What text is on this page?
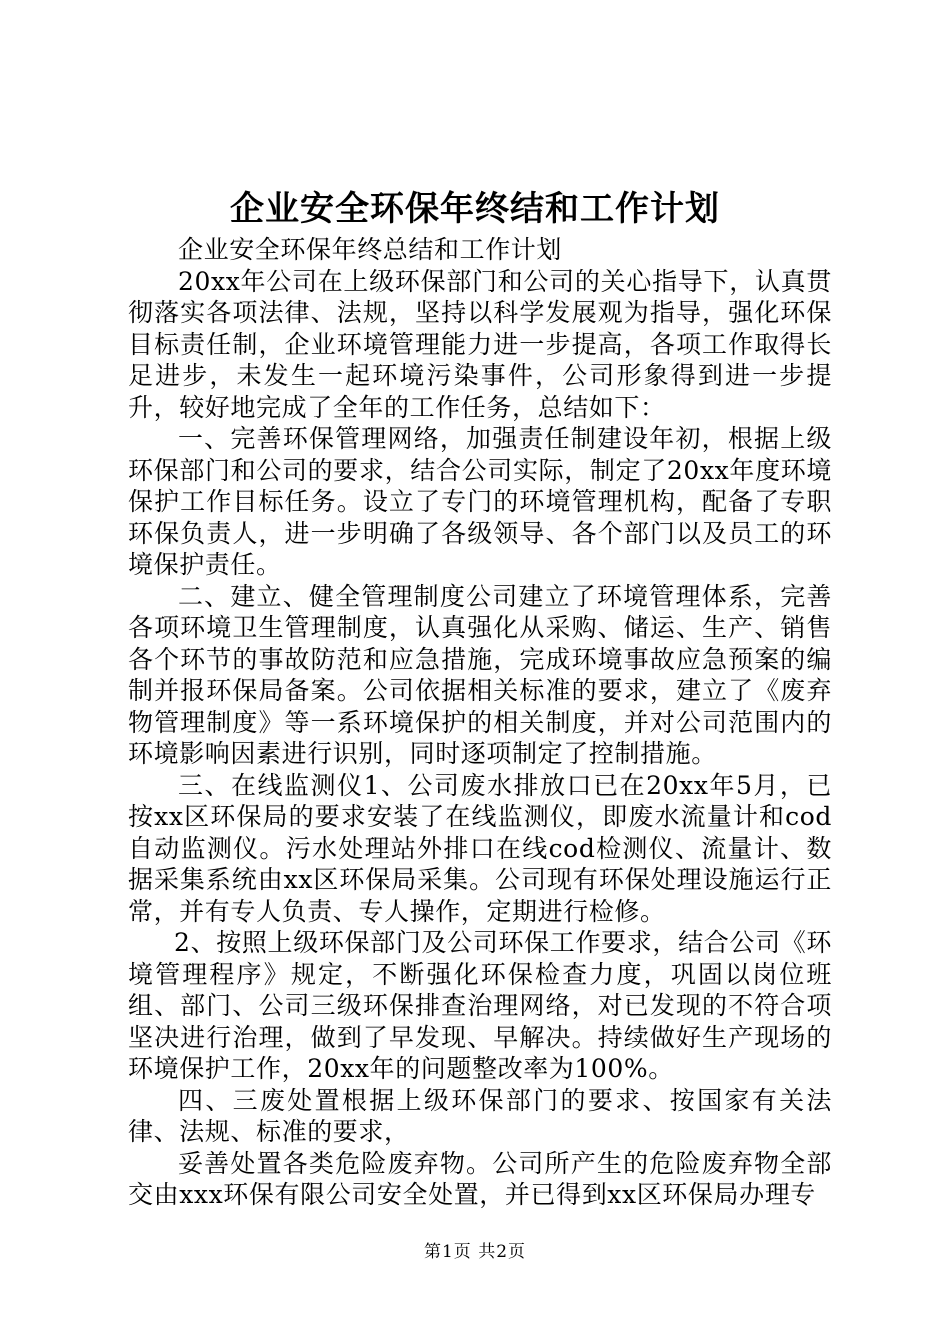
企业安全环保年终结和工作计划

企业安全环保年终总结和工作计划

20xx年公司在上级环保部门和公司的关心指导下，认真贯彻落实各项法律、法规，坚持以科学发展观为指导，强化环保目标责任制，企业环境管理能力进一步提高，各项工作取得长足进步，未发生一起环境污染事件，公司形象得到进一步提升，较好地完成了全年的工作任务，总结如下：

一、完善环保管理网络，加强责任制建设年初，根据上级环保部门和公司的要求，结合公司实际，制定了20xx年度环境保护工作目标任务。设立了专门的环境管理机构，配备了专职环保负责人，进一步明确了各级领导、各个部门以及员工的环境保护责任。

二、建立、健全管理制度公司建立了环境管理体系，完善各项环境卫生管理制度，认真强化从采购、储运、生产、销售各个环节的事故防范和应急措施，完成环境事故应急预案的编制并报环保局备案。公司依据相关标准的要求，建立了《废弃物管理制度》等一系环境保护的相关制度，并对公司范围内的环境影响因素进行识别，同时逐项制定了控制措施。

三、在线监测仪1、公司废水排放口已在20xx年5月，已按xx区环保局的要求安装了在线监测仪，即废水流量计和cod自动监测仪。污水处理站外排口在线cod检测仪、流量计、数据采集系统由xx区环保局采集。公司现有环保处理设施运行正常，并有专人负责、专人操作，定期进行检修。

2、按照上级环保部门及公司环保工作要求，结合公司《环境管理程序》规定，不断强化环保检查力度，巩固以岗位班组、部门、公司三级环保排查治理网络，对已发现的不符合项坚决进行治理，做到了早发现、早解决。持续做好生产现场的环境保护工作，20xx年的问题整改率为100%。

四、三废处置根据上级环保部门的要求、按国家有关法律、法规、标准的要求，

妥善处置各类危险废弃物。公司所产生的危险废弃物全部交由xxx环保有限公司安全处置，并已得到xx区环保局办理专

第1页 共2页
